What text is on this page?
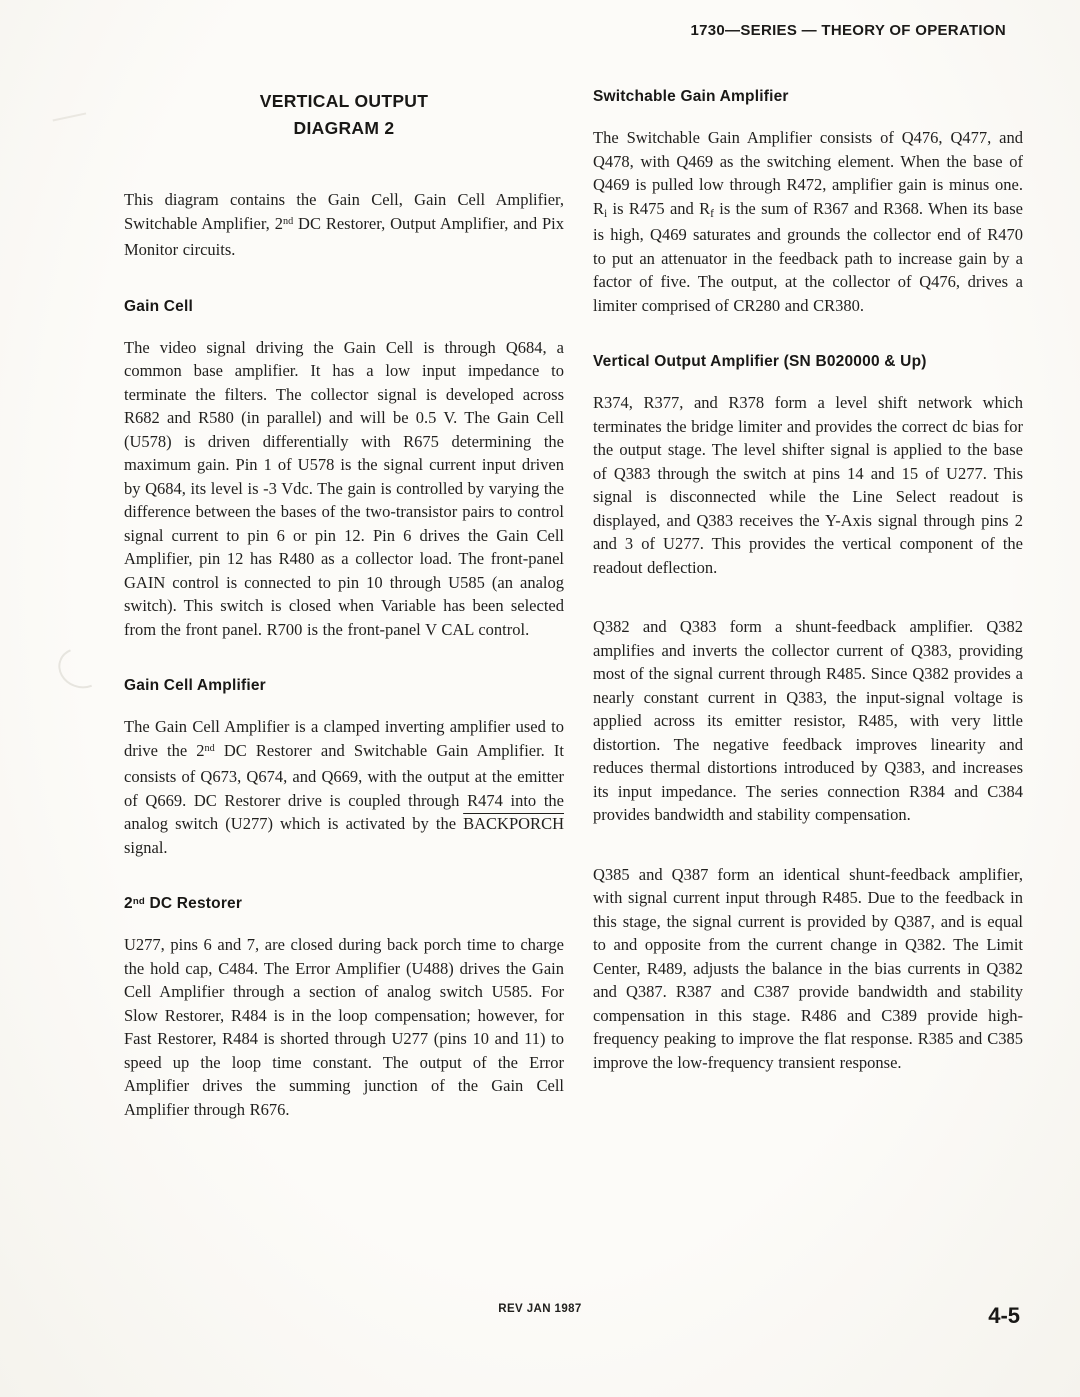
1730—SERIES — THEORY OF OPERATION
VERTICAL OUTPUT
DIAGRAM 2

This diagram contains the Gain Cell, Gain Cell Amplifier, Switchable Amplifier, 2nd DC Restorer, Output Amplifier, and Pix Monitor circuits.

Gain Cell

The video signal driving the Gain Cell is through Q684, a common base amplifier. It has a low input impedance to terminate the filters. The collector signal is developed across R682 and R580 (in parallel) and will be 0.5 V. The Gain Cell (U578) is driven differentially with R675 determining the maximum gain. Pin 1 of U578 is the signal current input driven by Q684, its level is -3 Vdc. The gain is controlled by varying the difference between the bases of the two-transistor pairs to control signal current to pin 6 or pin 12. Pin 6 drives the Gain Cell Amplifier, pin 12 has R480 as a collector load. The front-panel GAIN control is connected to pin 10 through U585 (an analog switch). This switch is closed when Variable has been selected from the front panel. R700 is the front-panel V CAL control.

Gain Cell Amplifier

The Gain Cell Amplifier is a clamped inverting amplifier used to drive the 2nd DC Restorer and Switchable Gain Amplifier. It consists of Q673, Q674, and Q669, with the output at the emitter of Q669. DC Restorer drive is coupled through R474 into the analog switch (U277) which is activated by the BACKPORCH signal.

2nd DC Restorer

U277, pins 6 and 7, are closed during back porch time to charge the hold cap, C484. The Error Amplifier (U488) drives the Gain Cell Amplifier through a section of analog switch U585. For Slow Restorer, R484 is in the loop compensation; however, for Fast Restorer, R484 is shorted through U277 (pins 10 and 11) to speed up the loop time constant. The output of the Error Amplifier drives the summing junction of the Gain Cell Amplifier through R676.

Switchable Gain Amplifier

The Switchable Gain Amplifier consists of Q476, Q477, and Q478, with Q469 as the switching element. When the base of Q469 is pulled low through R472, amplifier gain is minus one. Ri is R475 and Rf is the sum of R367 and R368. When its base is high, Q469 saturates and grounds the collector end of R470 to put an attenuator in the feedback path to increase gain by a factor of five. The output, at the collector of Q476, drives a limiter comprised of CR280 and CR380.

Vertical Output Amplifier (SN B020000 & Up)

R374, R377, and R378 form a level shift network which terminates the bridge limiter and provides the correct dc bias for the output stage. The level shifter signal is applied to the base of Q383 through the switch at pins 14 and 15 of U277. This signal is disconnected while the Line Select readout is displayed, and Q383 receives the Y-Axis signal through pins 2 and 3 of U277. This provides the vertical component of the readout deflection.

Q382 and Q383 form a shunt-feedback amplifier. Q382 amplifies and inverts the collector current of Q383, providing most of the signal current through R485. Since Q382 provides a nearly constant current in Q383, the input-signal voltage is applied across its emitter resistor, R485, with very little distortion. The negative feedback improves linearity and reduces thermal distortions introduced by Q383, and increases its input impedance. The series connection R384 and C384 provides bandwidth and stability compensation.

Q385 and Q387 form an identical shunt-feedback amplifier, with signal current input through R485. Due to the feedback in this stage, the signal current is provided by Q387, and is equal to and opposite from the current change in Q382. The Limit Center, R489, adjusts the balance in the bias currents in Q382 and Q387. R387 and C387 provide bandwidth and stability compensation in this stage. R486 and C389 provide high-frequency peaking to improve the flat response. R385 and C385 improve the low-frequency transient response.

REV JAN 1987	4-5
